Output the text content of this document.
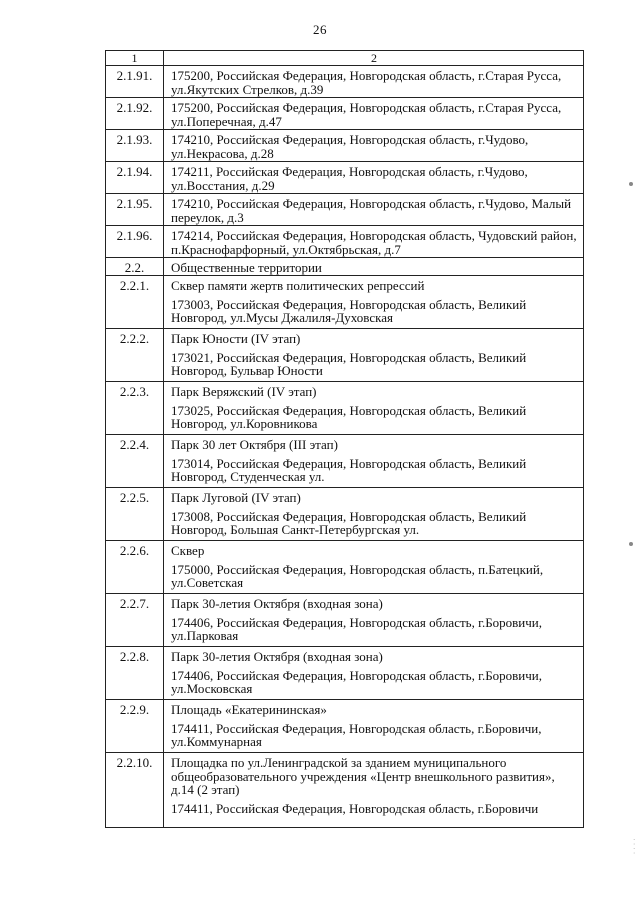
26
1	2
2.1.91.	175200, Российская Федерация, Новгородская область, г.Старая Русса, ул.Якутских Стрелков, д.39
2.1.92.	175200, Российская Федерация, Новгородская область, г.Старая Русса, ул.Поперечная, д.47
2.1.93.	174210, Российская Федерация, Новгородская область, г.Чудово, ул.Некрасова, д.28
2.1.94.	174211, Российская Федерация, Новгородская область, г.Чудово, ул.Восстания, д.29
2.1.95.	174210, Российская Федерация, Новгородская область, г.Чудово, Малый переулок, д.3
2.1.96.	174214, Российская Федерация, Новгородская область, Чудовский район, п.Краснофарфорный, ул.Октябрьская, д.7
2.2.	Общественные территории
2.2.1.	Сквер памяти жертв политических репрессий
173003, Российская Федерация, Новгородская область, Великий Новгород, ул.Мусы Джалиля-Духовская
2.2.2.	Парк Юности (IV этап)
173021, Российская Федерация, Новгородская область, Великий Новгород, Бульвар Юности
2.2.3.	Парк Веряжский (IV этап)
173025, Российская Федерация, Новгородская область, Великий Новгород, ул.Коровникова
2.2.4.	Парк 30 лет Октября (III этап)
173014, Российская Федерация, Новгородская область, Великий Новгород, Студенческая ул.
2.2.5.	Парк Луговой (IV этап)
173008, Российская Федерация, Новгородская область, Великий Новгород, Большая Санкт-Петербургская ул.
2.2.6.	Сквер
175000, Российская Федерация, Новгородская область, п.Батецкий, ул.Советская
2.2.7.	Парк 30-летия Октября (входная зона)
174406, Российская Федерация, Новгородская область, г.Боровичи, ул.Парковая
2.2.8.	Парк 30-летия Октября (входная зона)
174406, Российская Федерация, Новгородская область, г.Боровичи, ул.Московская
2.2.9.	Площадь «Екатерининская»
174411, Российская Федерация, Новгородская область, г.Боровичи, ул.Коммунарная
2.2.10.	Площадка по ул.Ленинградской за зданием муниципального общеобразовательного учреждения «Центр внешкольного развития», д.14 (2 этап)
174411, Российская Федерация, Новгородская область, г.Боровичи
· · · ·
